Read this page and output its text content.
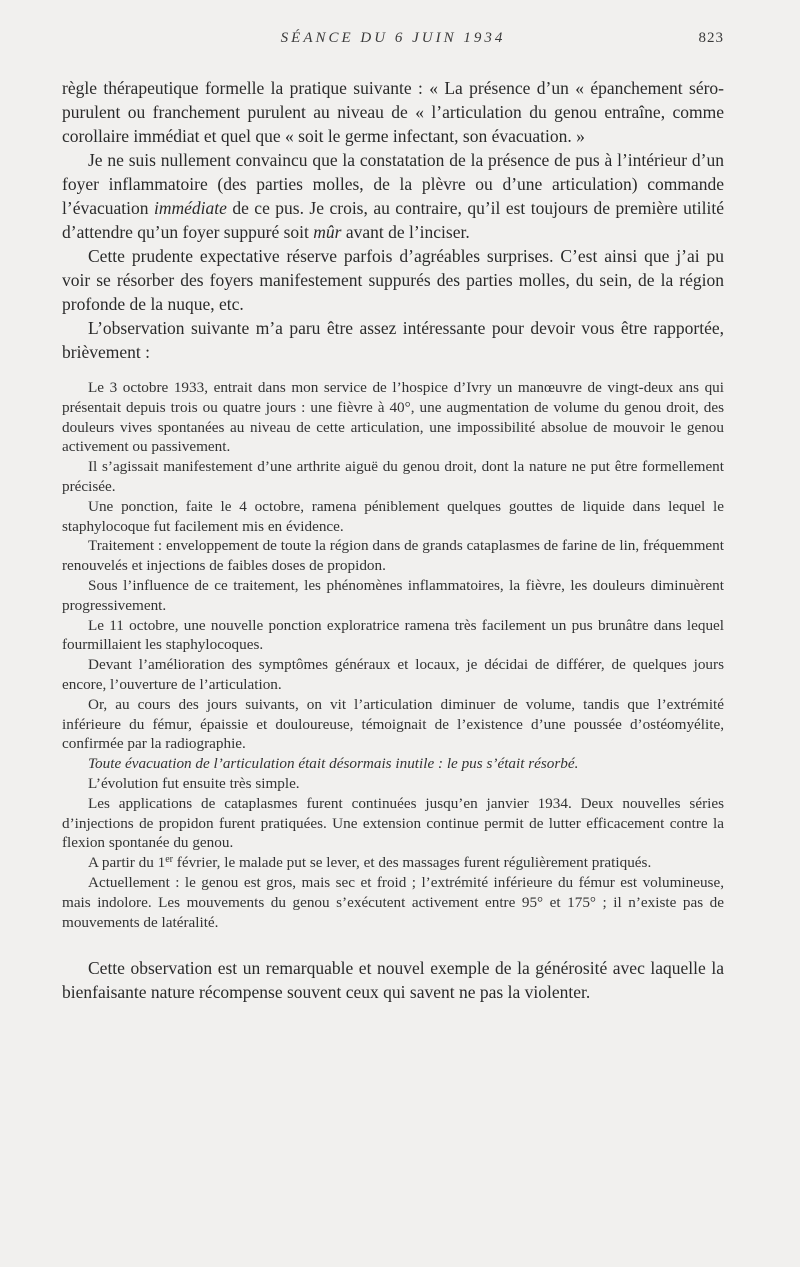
SÉANCE DU 6 JUIN 1934	823

règle thérapeutique formelle la pratique suivante : « La présence d’un « épanchement séro-purulent ou franchement purulent au niveau de « l’articulation du genou entraîne, comme corollaire immédiat et quel que « soit le germe infectant, son évacuation. »

Je ne suis nullement convaincu que la constatation de la présence de pus à l’intérieur d’un foyer inflammatoire (des parties molles, de la plèvre ou d’une articulation) commande l’évacuation immédiate de ce pus. Je crois, au contraire, qu’il est toujours de première utilité d’attendre qu’un foyer suppuré soit mûr avant de l’inciser.

Cette prudente expectative réserve parfois d’agréables surprises. C’est ainsi que j’ai pu voir se résorber des foyers manifestement suppurés des parties molles, du sein, de la région profonde de la nuque, etc.

L’observation suivante m’a paru être assez intéressante pour devoir vous être rapportée, brièvement :

Le 3 octobre 1933, entrait dans mon service de l’hospice d’Ivry un manœuvre de vingt-deux ans qui présentait depuis trois ou quatre jours : une fièvre à 40°, une augmentation de volume du genou droit, des douleurs vives spontanées au niveau de cette articulation, une impossibilité absolue de mouvoir le genou activement ou passivement.

Il s’agissait manifestement d’une arthrite aiguë du genou droit, dont la nature ne put être formellement précisée.

Une ponction, faite le 4 octobre, ramena péniblement quelques gouttes de liquide dans lequel le staphylocoque fut facilement mis en évidence.

Traitement : enveloppement de toute la région dans de grands cataplasmes de farine de lin, fréquemment renouvelés et injections de faibles doses de propidon.

Sous l’influence de ce traitement, les phénomènes inflammatoires, la fièvre, les douleurs diminuèrent progressivement.

Le 11 octobre, une nouvelle ponction exploratrice ramena très facilement un pus brunâtre dans lequel fourmillaient les staphylocoques.

Devant l’amélioration des symptômes généraux et locaux, je décidai de différer, de quelques jours encore, l’ouverture de l’articulation.

Or, au cours des jours suivants, on vit l’articulation diminuer de volume, tandis que l’extrémité inférieure du fémur, épaissie et douloureuse, témoignait de l’existence d’une poussée d’ostéomyélite, confirmée par la radiographie.

Toute évacuation de l’articulation était désormais inutile : le pus s’était résorbé.

L’évolution fut ensuite très simple.

Les applications de cataplasmes furent continuées jusqu’en janvier 1934. Deux nouvelles séries d’injections de propidon furent pratiquées. Une extension continue permit de lutter efficacement contre la flexion spontanée du genou.

A partir du 1er février, le malade put se lever, et des massages furent régulièrement pratiqués.

Actuellement : le genou est gros, mais sec et froid ; l’extrémité inférieure du fémur est volumineuse, mais indolore. Les mouvements du genou s’exécutent activement entre 95° et 175° ; il n’existe pas de mouvements de latéralité.

Cette observation est un remarquable et nouvel exemple de la générosité avec laquelle la bienfaisante nature récompense souvent ceux qui savent ne pas la violenter.
